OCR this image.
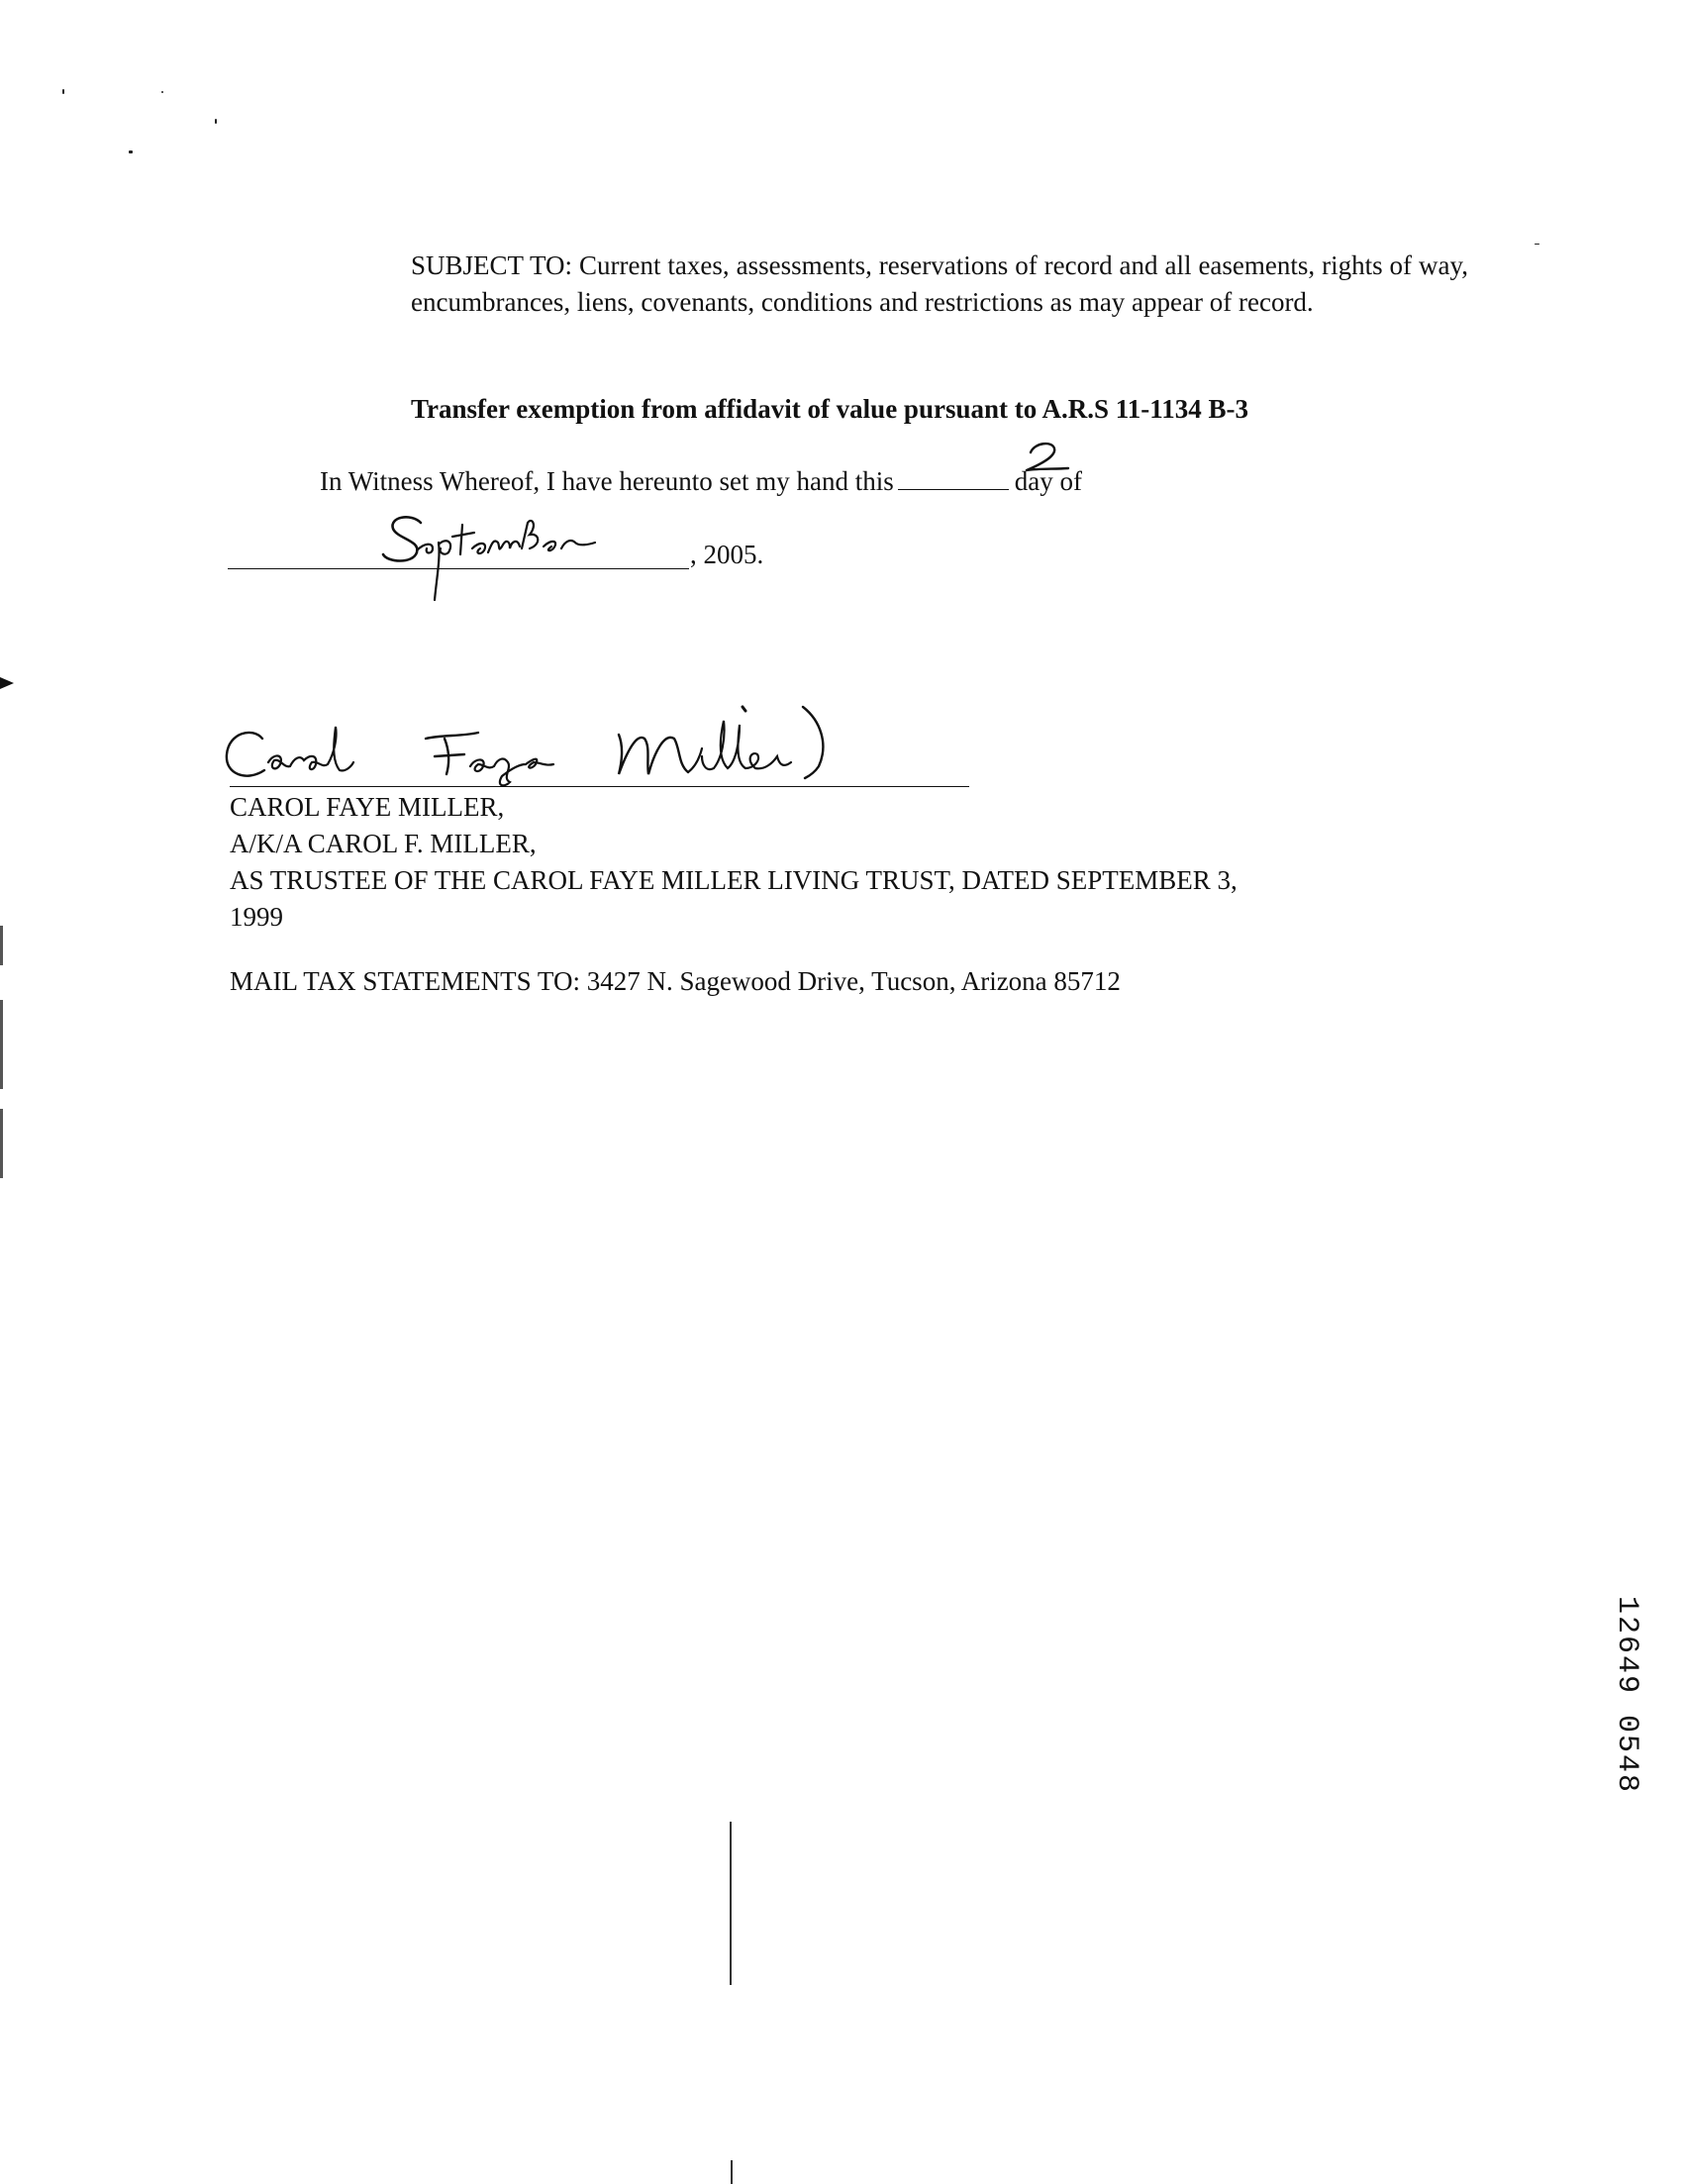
SUBJECT TO: Current taxes, assessments, reservations of record and all easements, rights of way, encumbrances, liens, covenants, conditions and restrictions as may appear of record.
Transfer exemption from affidavit of value pursuant to A.R.S 11-1134 B-3
In Witness Whereof, I have hereunto set my hand this	day of
, 2005.
CAROL FAYE MILLER,
A/K/A CAROL F. MILLER,
AS TRUSTEE OF THE CAROL FAYE MILLER LIVING TRUST, DATED SEPTEMBER 3,
1999
MAIL TAX STATEMENTS TO: 3427 N. Sagewood Drive, Tucson, Arizona 85712
12649 0548
